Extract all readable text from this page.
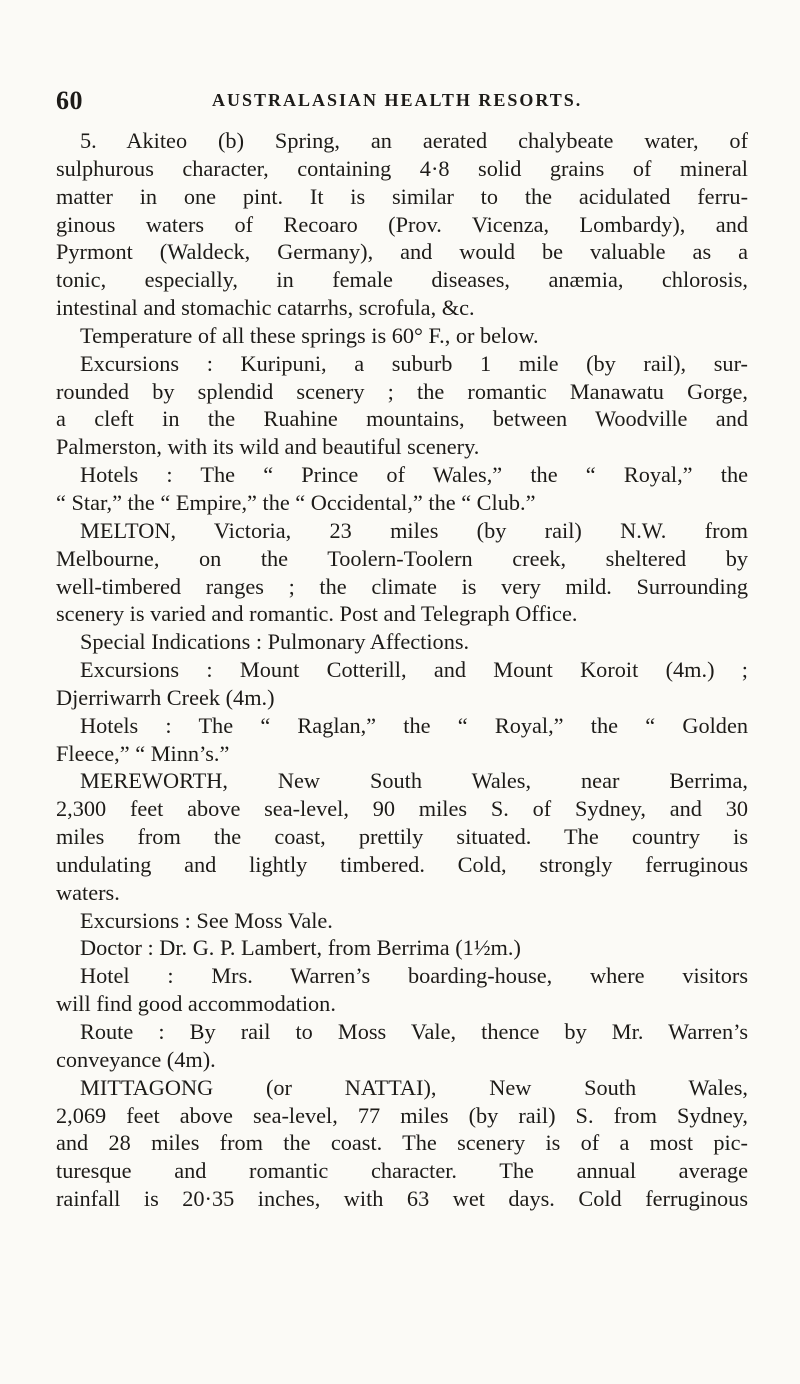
60	AUSTRALASIAN HEALTH RESORTS.
5. Akiteo (b) Spring, an aerated chalybeate water, of
sulphurous character, containing 4·8 solid grains of mineral
matter in one pint. It is similar to the acidulated ferru-
ginous waters of Recoaro (Prov. Vicenza, Lombardy), and
Pyrmont (Waldeck, Germany), and would be valuable as a
tonic, especially, in female diseases, anæmia, chlorosis,
intestinal and stomachic catarrhs, scrofula, &c.
Temperature of all these springs is 60° F., or below.
Excursions : Kuripuni, a suburb 1 mile (by rail), sur-
rounded by splendid scenery ; the romantic Manawatu Gorge,
a cleft in the Ruahine mountains, between Woodville and
Palmerston, with its wild and beautiful scenery.
Hotels : The “ Prince of Wales,” the “ Royal,” the
“ Star,” the “ Empire,” the “ Occidental,” the “ Club.”
MELTON, Victoria, 23 miles (by rail) N.W. from
Melbourne, on the Toolern-Toolern creek, sheltered by
well-timbered ranges ; the climate is very mild. Surrounding
scenery is varied and romantic. Post and Telegraph Office.
Special Indications : Pulmonary Affections.
Excursions : Mount Cotterill, and Mount Koroit (4m.) ;
Djerriwarrh Creek (4m.)
Hotels : The “ Raglan,” the “ Royal,” the “ Golden
Fleece,” “ Minn’s.”
MEREWORTH, New South Wales, near Berrima,
2,300 feet above sea-level, 90 miles S. of Sydney, and 30
miles from the coast, prettily situated. The country is
undulating and lightly timbered. Cold, strongly ferruginous
waters.
Excursions : See Moss Vale.
Doctor : Dr. G. P. Lambert, from Berrima (1½m.)
Hotel : Mrs. Warren’s boarding-house, where visitors
will find good accommodation.
Route : By rail to Moss Vale, thence by Mr. Warren’s
conveyance (4m).
MITTAGONG (or NATTAI), New South Wales,
2,069 feet above sea-level, 77 miles (by rail) S. from Sydney,
and 28 miles from the coast. The scenery is of a most pic-
turesque and romantic character. The annual average
rainfall is 20·35 inches, with 63 wet days. Cold ferruginous
